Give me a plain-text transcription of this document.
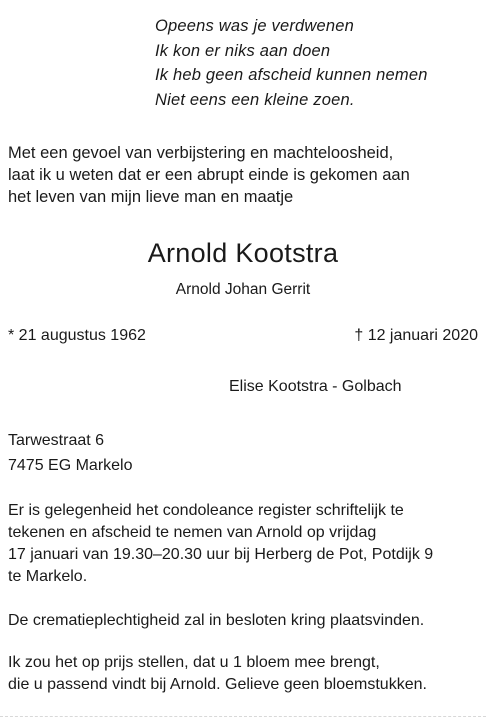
Opeens was je verdwenen
Ik kon er niks aan doen
Ik heb geen afscheid kunnen nemen
Niet eens een kleine zoen.
Met een gevoel van verbijstering en machteloosheid,
laat ik u weten dat er een abrupt einde is gekomen aan
het leven van mijn lieve man en maatje
Arnold Kootstra
Arnold Johan Gerrit
* 21 augustus 1962	† 12 januari 2020
Elise Kootstra - Golbach
Tarwestraat 6
7475 EG Markelo
Er is gelegenheid het condoleance register schriftelijk te
tekenen en afscheid te nemen van Arnold op vrijdag
17 januari van 19.30–20.30 uur bij Herberg de Pot, Potdijk 9
te Markelo.
De crematieplechtigheid zal in besloten kring plaatsvinden.
Ik zou het op prijs stellen, dat u 1 bloem mee brengt,
die u passend vindt bij Arnold. Gelieve geen bloemstukken.
